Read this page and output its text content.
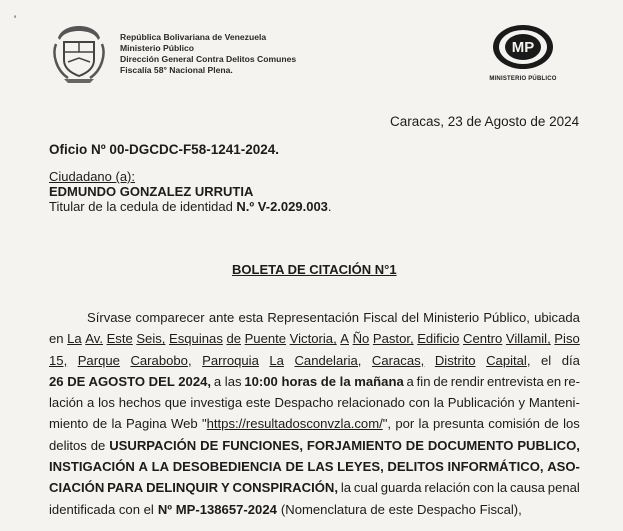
'
República Bolivariana de Venezuela
Ministerio Público
Dirección General Contra Delitos Comunes
Fiscalía 58° Nacional Plena.
MP
MINISTERIO PÚBLICO
Caracas, 23 de Agosto de 2024
Oficio Nº 00-DGCDC-F58-1241-2024.
Ciudadano (a):
EDMUNDO GONZALEZ URRUTIA
Titular de la cedula de identidad N.º V-2.029.003.
BOLETA DE CITACIÓN N°1
Sírvase comparecer ante esta Representación Fiscal del Ministerio Público, ubicada
en La Av. Este Seis, Esquinas de Puente Victoria, A Ño Pastor, Edificio Centro Villamil, Piso
15, Parque Carabobo, Parroquia La Candelaria, Caracas, Distrito Capital, el día
26 DE AGOSTO DEL 2024, a las 10:00 horas de la mañana a fin de rendir entrevista en re-
lación a los hechos que investiga este Despacho relacionado con la Publicación y Manteni-
miento de la Pagina Web "https://resultadosconvzla.com/", por la presunta comisión de los
delitos de USURPACIÓN DE FUNCIONES, FORJAMIENTO DE DOCUMENTO PUBLICO,
INSTIGACIÓN A LA DESOBEDIENCIA DE LAS LEYES, DELITOS INFORMÁTICO, ASO-
CIACIÓN PARA DELINQUIR Y CONSPIRACIÓN, la cual guarda relación con la causa penal
identificada con el Nº MP-138657-2024 (Nomenclatura de este Despacho Fiscal),
